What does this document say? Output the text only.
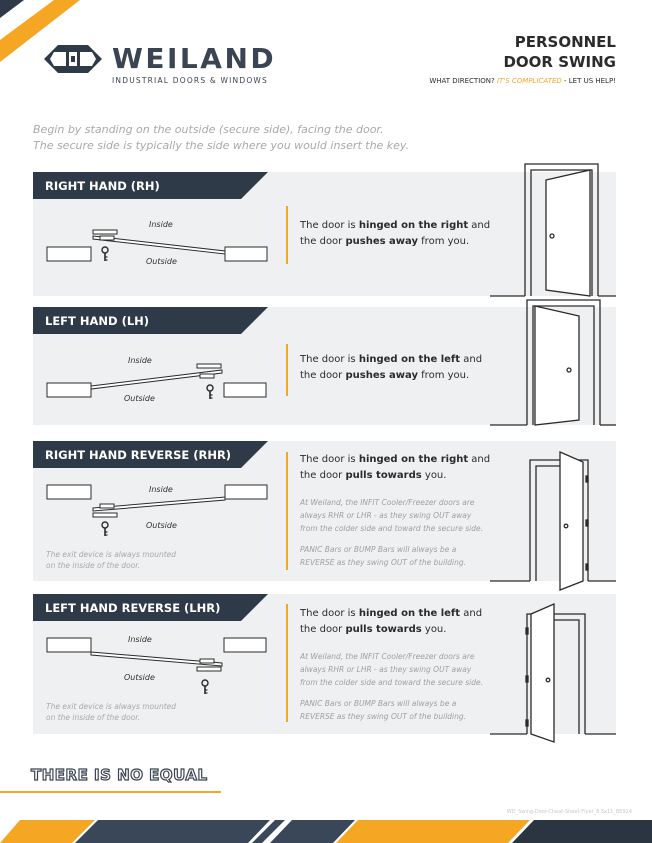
WEILAND
INDUSTRIAL DOORS & WINDOWS
PERSONNEL
DOOR SWING
WHAT DIRECTION? IT'S COMPLICATED - LET US HELP!
Begin by standing on the outside (secure side), facing the door.
The secure side is typically the side where you would insert the key.
RIGHT HAND (RH)
The door is hinged on the right and
the door pushes away from you.
Inside
Outside
LEFT HAND (LH)
The door is hinged on the left and
the door pushes away from you.
Inside
Outside
RIGHT HAND REVERSE (RHR)	The door is hinged on the right and
the door pulls towards you.
At Weiland, the INFIT Cooler/Freezer doors are
always RHR or LHR - as they swing OUT away
from the colder side and toward the secure side.
PANIC Bars or BUMP Bars will always be a
REVERSE as they swing OUT of the building.
The exit device is always mounted
on the inside of the door.
Inside
Outside
LEFT HAND REVERSE (LHR)	The door is hinged on the left and
the door pulls towards you.
At Weiland, the INFIT Cooler/Freezer doors are
always RHR or LHR - as they swing OUT away
from the colder side and toward the secure side.
PANIC Bars or BUMP Bars will always be a
REVERSE as they swing OUT of the building.
The exit device is always mounted
on the inside of the door.
Inside
Outside
THERE IS NO EQUAL
WD_Swing-Door-Cheat-Sheet-Flyer_8.5x11_BE924
